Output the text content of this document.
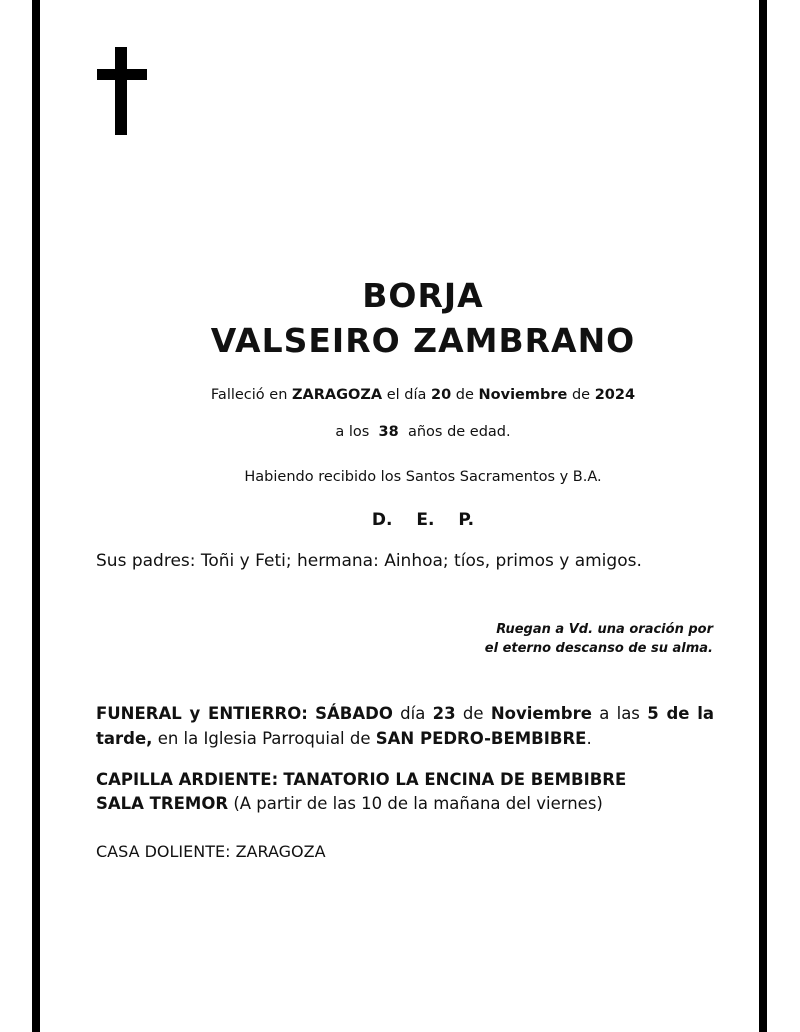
BORJA
VALSEIRO ZAMBRANO
Falleció en ZARAGOZA el día 20 de Noviembre de 2024
a los 38 años de edad.
Habiendo recibido los Santos Sacramentos y B.A.
D. E. P.
Sus padres: Toñi y Feti; hermana: Ainhoa; tíos, primos y amigos.
Ruegan a Vd. una oración por
el eterno descanso de su alma.
FUNERAL y ENTIERRO: SÁBADO día 23 de Noviembre a las 5 de la tarde, en la Iglesia Parroquial de SAN PEDRO-BEMBIBRE.
CAPILLA ARDIENTE: TANATORIO LA ENCINA DE BEMBIBRE
SALA TREMOR (A partir de las 10 de la mañana del viernes)
CASA DOLIENTE: ZARAGOZA
